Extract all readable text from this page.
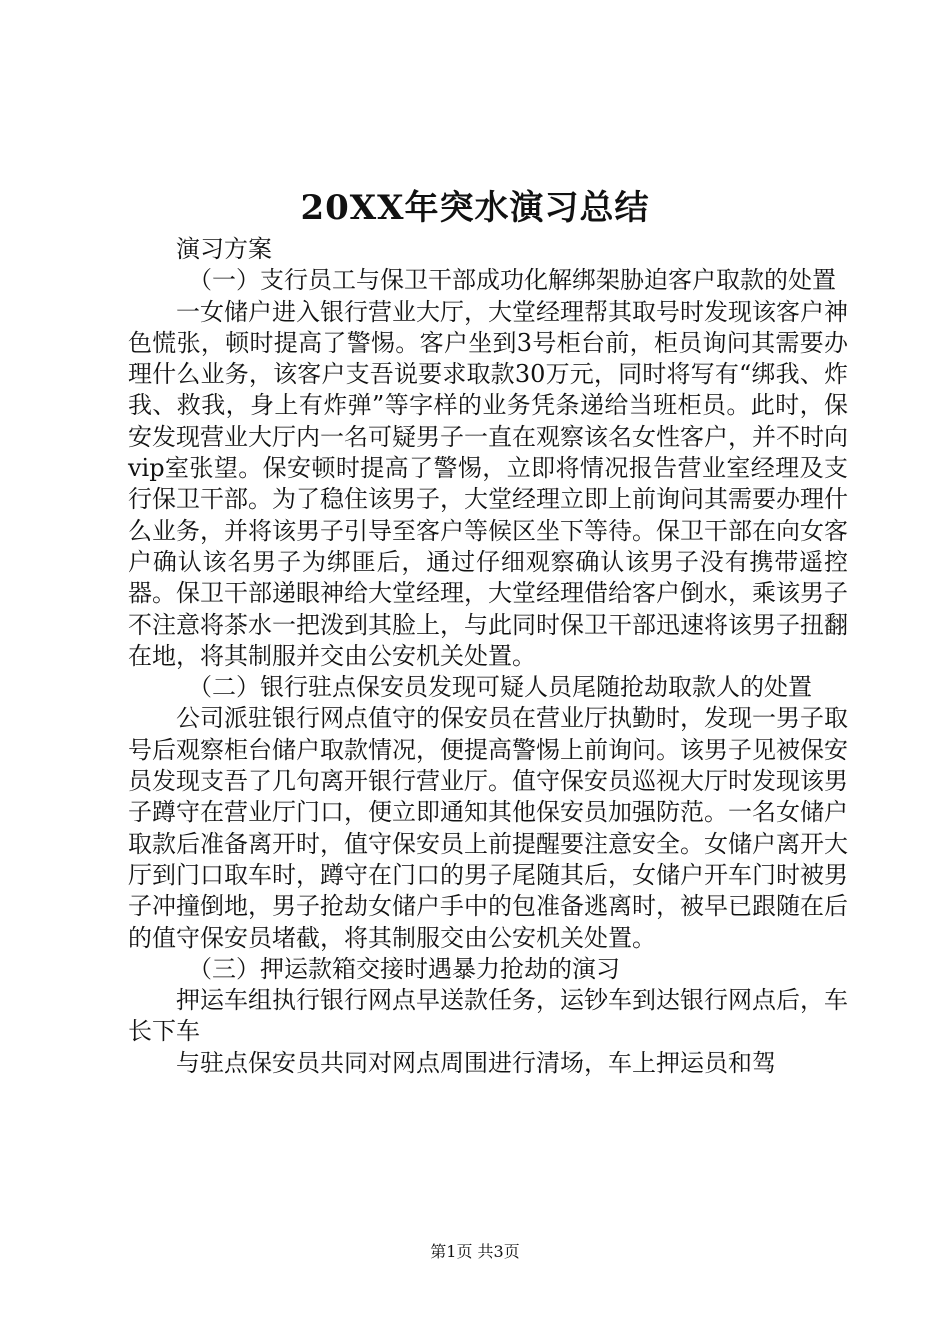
20XX年突水演习总结

演习方案

（一）支行员工与保卫干部成功化解绑架胁迫客户取款的处置

一女储户进入银行营业大厅，大堂经理帮其取号时发现该客户神色慌张，顿时提高了警惕。客户坐到3号柜台前，柜员询问其需要办理什么业务，该客户支吾说要求取款30万元，同时将写有“绑我、炸我、救我，身上有炸弹”等字样的业务凭条递给当班柜员。此时，保安发现营业大厅内一名可疑男子一直在观察该名女性客户，并不时向vip室张望。保安顿时提高了警惕，立即将情况报告营业室经理及支行保卫干部。为了稳住该男子，大堂经理立即上前询问其需要办理什么业务，并将该男子引导至客户等候区坐下等待。保卫干部在向女客户确认该名男子为绑匪后，通过仔细观察确认该男子没有携带遥控器。保卫干部递眼神给大堂经理，大堂经理借给客户倒水，乘该男子不注意将茶水一把泼到其脸上，与此同时保卫干部迅速将该男子扭翻在地，将其制服并交由公安机关处置。

（二）银行驻点保安员发现可疑人员尾随抢劫取款人的处置

公司派驻银行网点值守的保安员在营业厅执勤时，发现一男子取号后观察柜台储户取款情况，便提高警惕上前询问。该男子见被保安员发现支吾了几句离开银行营业厅。值守保安员巡视大厅时发现该男子蹲守在营业厅门口，便立即通知其他保安员加强防范。一名女储户取款后准备离开时，值守保安员上前提醒要注意安全。女储户离开大厅到门口取车时，蹲守在门口的男子尾随其后，女储户开车门时被男子冲撞倒地，男子抢劫女储户手中的包准备逃离时，被早已跟随在后的值守保安员堵截，将其制服交由公安机关处置。

（三）押运款箱交接时遇暴力抢劫的演习

押运车组执行银行网点早送款任务，运钞车到达银行网点后，车长下车

与驻点保安员共同对网点周围进行清场，车上押运员和驾

第1页 共3页
